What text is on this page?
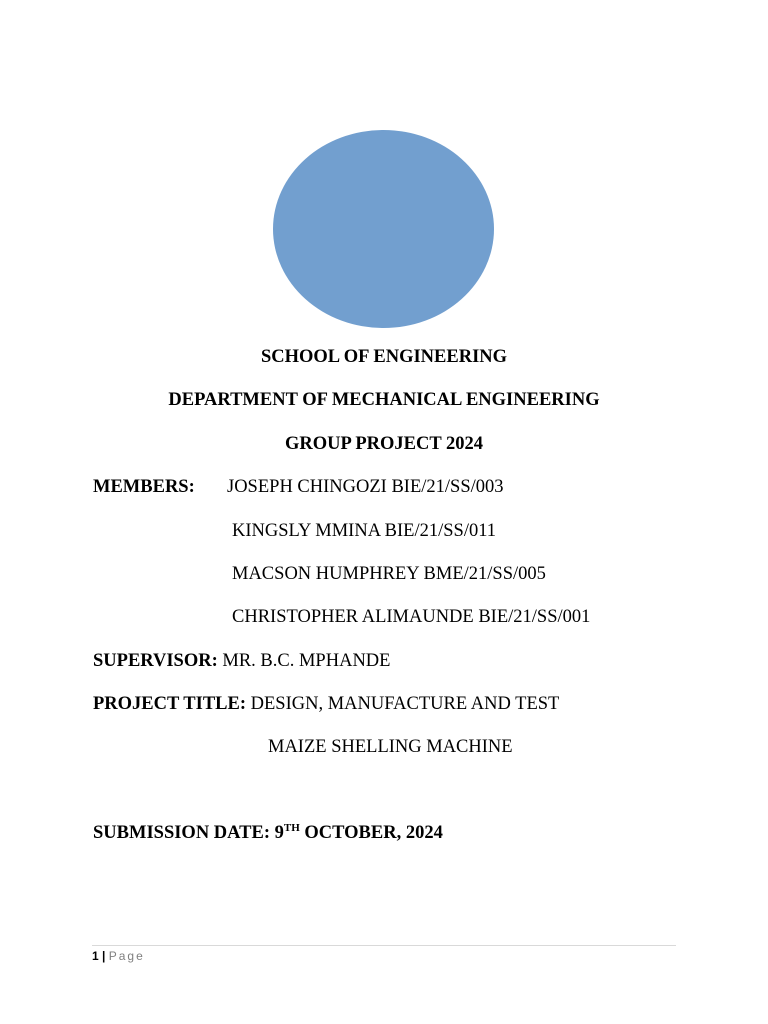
SCHOOL OF ENGINEERING
DEPARTMENT OF MECHANICAL ENGINEERING
GROUP PROJECT 2024
MEMBERS: JOSEPH CHINGOZI BIE/21/SS/003
KINGSLY MMINA BIE/21/SS/011
MACSON HUMPHREY BME/21/SS/005
CHRISTOPHER ALIMAUNDE BIE/21/SS/001
SUPERVISOR: MR. B.C. MPHANDE
PROJECT TITLE: DESIGN, MANUFACTURE AND TEST
MAIZE SHELLING MACHINE
SUBMISSION DATE: 9TH OCTOBER, 2024
1 | Page
